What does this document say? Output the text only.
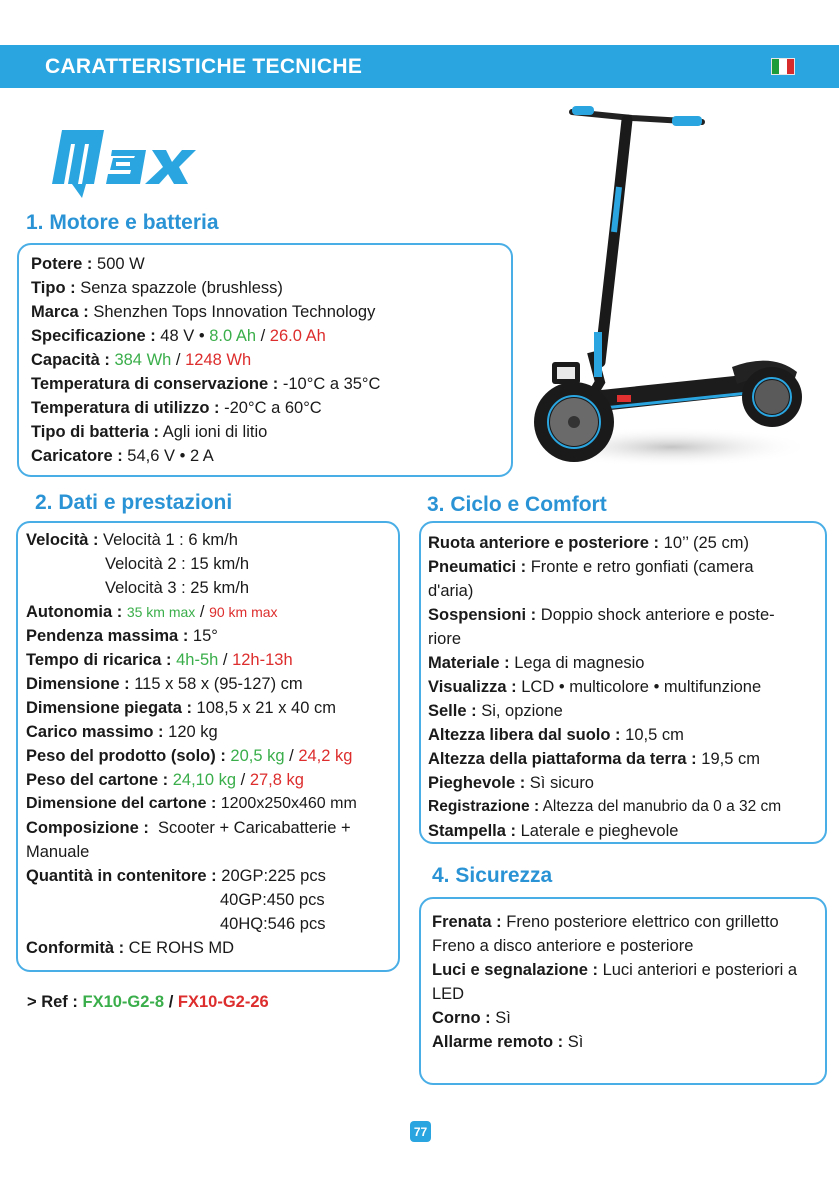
CARATTERISTICHE TECNICHE
1. Motore e batteria
Potere : 500 W
Tipo : Senza spazzole (brushless)
Marca : Shenzhen Tops Innovation Technology
Specificazione : 48 V • 8.0 Ah / 26.0 Ah
Capacità : 384 Wh / 1248 Wh
Temperatura di conservazione : -10°C a 35°C
Temperatura di utilizzo : -20°C a 60°C
Tipo di batteria : Agli ioni di litio
Caricatore : 54,6 V • 2 A
2. Dati e prestazioni
Velocità : Velocità 1 : 6 km/h
Velocità 2 : 15 km/h
Velocità 3 : 25 km/h
Autonomia : 35 km max / 90 km max
Pendenza massima : 15°
Tempo di ricarica : 4h-5h / 12h-13h
Dimensione : 115 x 58 x (95-127) cm
Dimensione piegata : 108,5 x 21 x 40 cm
Carico massimo : 120 kg
Peso del prodotto (solo) : 20,5 kg / 24,2 kg
Peso del cartone : 24,10 kg / 27,8 kg
Dimensione del cartone : 1200x250x460 mm
Composizione : Scooter + Caricabatterie +
Manuale
Quantità in contenitore : 20GP:225 pcs
40GP:450 pcs
40HQ:546 pcs
Conformità : CE ROHS MD
> Ref : FX10-G2-8 / FX10-G2-26
3. Ciclo e Comfort
Ruota anteriore e posteriore : 10’’ (25 cm)
Pneumatici : Fronte e retro gonfiati (camera
d'aria)
Sospensioni : Doppio shock anteriore e poste-
riore
Materiale : Lega di magnesio
Visualizza : LCD • multicolore • multifunzione
Selle : Si, opzione
Altezza libera dal suolo : 10,5 cm
Altezza della piattaforma da terra : 19,5 cm
Pieghevole : Sì sicuro
Registrazione : Altezza del manubrio da 0 a 32 cm
Stampella : Laterale e pieghevole
4. Sicurezza
Frenata : Freno posteriore elettrico con grilletto
Freno a disco anteriore e posteriore
Luci e segnalazione : Luci anteriori e posteriori a
LED
Corno : Sì
Allarme remoto : Sì
77
